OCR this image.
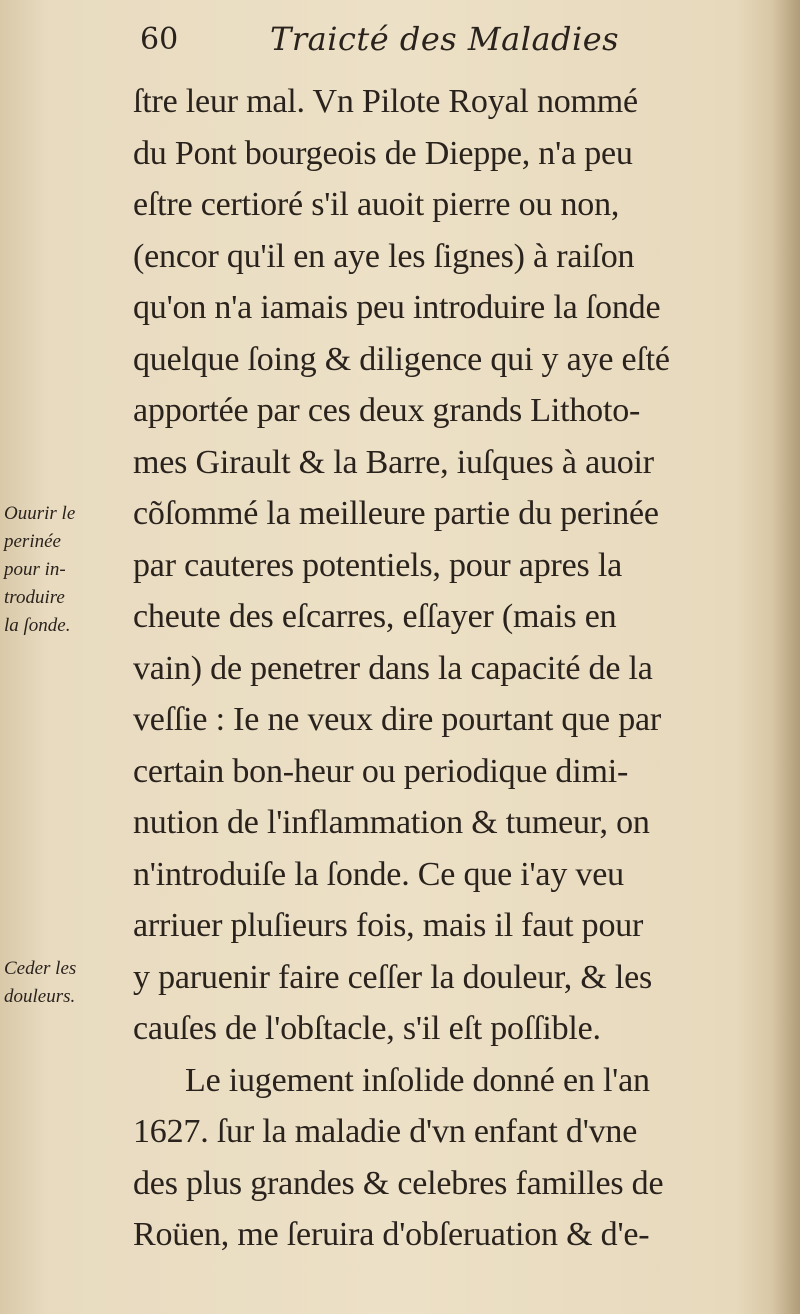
60	Traicté des Maladies
ſtre leur mal. Vn Pilote Royal nommé
du Pont bourgeois de Dieppe, n'a peu
eſtre certioré s'il auoit pierre ou non,
(encor qu'il en aye les ſignes) à raiſon
qu'on n'a iamais peu introduire la ſonde
quelque ſoing & diligence qui y aye eſté
apportée par ces deux grands Lithoto-
mes Girault & la Barre, iuſques à auoir
cõſommé la meilleure partie du perinée
par cauteres potentiels, pour apres la
cheute des eſcarres, eſſayer (mais en
vain) de penetrer dans la capacité de la
veſſie : Ie ne veux dire pourtant que par
certain bon-heur ou periodique dimi-
nution de l'inflammation & tumeur, on
n'introduiſe la ſonde. Ce que i'ay veu
arriuer pluſieurs fois, mais il faut pour
y paruenir faire ceſſer la douleur, & les
cauſes de l'obſtacle, s'il eſt poſſible.
Le iugement inſolide donné en l'an
1627. ſur la maladie d'vn enfant d'vne
des plus grandes & celebres familles de
Roüen, me ſeruira d'obſeruation & d'e-
Ouurir le
perinée
pour in-
troduire
la ſonde.
Ceder les
douleurs.
